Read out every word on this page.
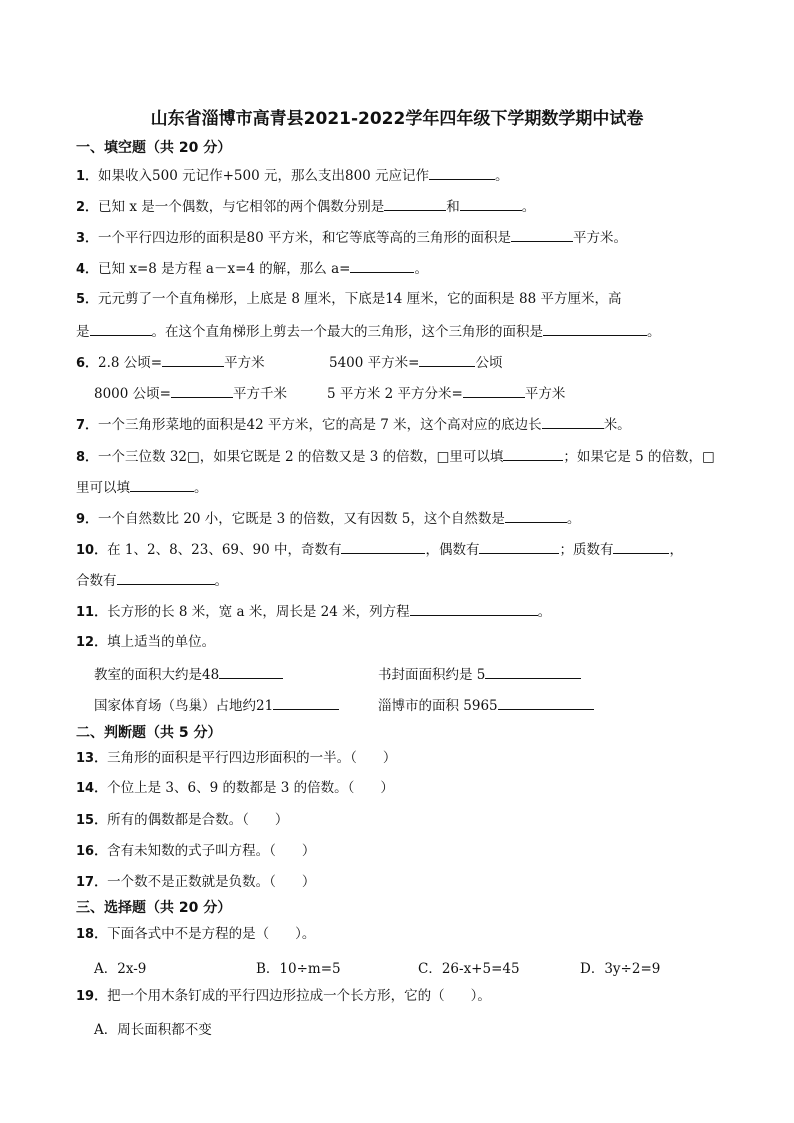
山东省淄博市高青县2021-2022学年四年级下学期数学期中试卷
一、填空题（共 20 分）
1．如果收入500 元记作+500 元，那么支出800 元应记作	。
2．已知 x 是一个偶数，与它相邻的两个偶数分别是	和	。
3．一个平行四边形的面积是80 平方米，和它等底等高的三角形的面积是	平方米。
4．已知 x=8 是方程 a－x=4 的解，那么 a=	。
5．元元剪了一个直角梯形，上底是 8 厘米，下底是14 厘米，它的面积是 88 平方厘米，高
是	。在这个直角梯形上剪去一个最大的三角形，这个三角形的面积是	。
6．2.8 公顷=	平方米	5400 平方米=	公顷
8000 公顷=	平方千米	5 平方米 2 平方分米=	平方米
7．一个三角形菜地的面积是42 平方米，它的高是 7 米，这个高对应的底边长	米。
8．一个三位数 32□，如果它既是 2 的倍数又是 3 的倍数，□里可以填	；如果它是 5 的倍数，□
里可以填	。
9．一个自然数比 20 小，它既是 3 的倍数，又有因数 5，这个自然数是	。
10．在 1、2、8、23、69、90 中，奇数有	，偶数有	；质数有	，
合数有	。
11．长方形的长 8 米，宽 a 米，周长是 24 米，列方程	。
12．填上适当的单位。
教室的面积大约是48	书封面面积约是 5
国家体育场（鸟巢）占地约21	淄博市的面积 5965
二、判断题（共 5 分）
13．三角形的面积是平行四边形面积的一半。（ ）
14．个位上是 3、6、9 的数都是 3 的倍数。（ ）
15．所有的偶数都是合数。（ ）
16．含有未知数的式子叫方程。（ ）
17．一个数不是正数就是负数。（ ）
三、选择题（共 20 分）
18．下面各式中不是方程的是（ ）。
A．2x-9	B．10÷m=5	C．26-x+5=45	D．3y÷2=9
19．把一个用木条钉成的平行四边形拉成一个长方形，它的（ ）。
A．周长面积都不变
